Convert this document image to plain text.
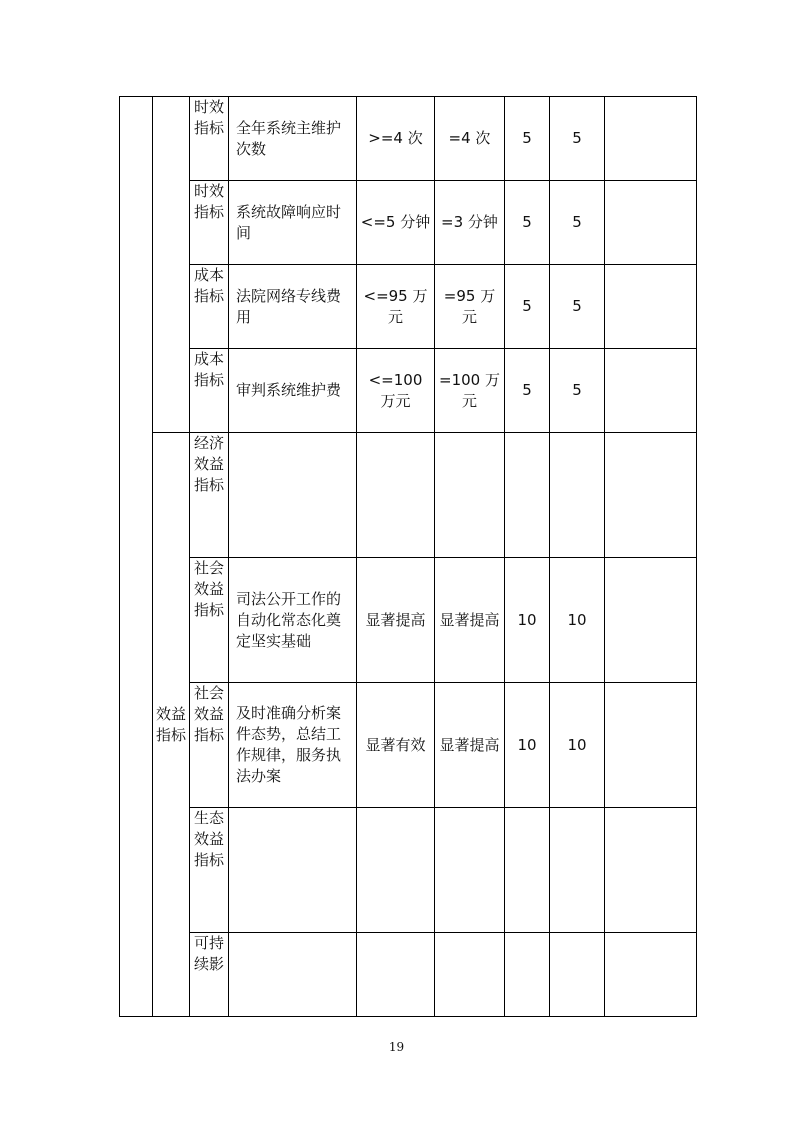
		时效指标	全年系统主维护次数	>=4 次	=4 次	5	5	

		时效指标	系统故障响应时间	<=5 分钟	=3 分钟	5	5	

		成本指标	法院网络专线费用	<=95 万元	=95 万元	5	5	

		成本指标	审判系统维护费	<=100 万元	=100 万元	5	5	

	效益指标	经济效益指标						

		社会效益指标	司法公开工作的自动化常态化奠定坚实基础	显著提高	显著提高	10	10	

		社会效益指标	及时准确分析案件态势，总结工作规律，服务执法办案	显著有效	显著提高	10	10	

		生态效益指标						

		可持续影						

19
